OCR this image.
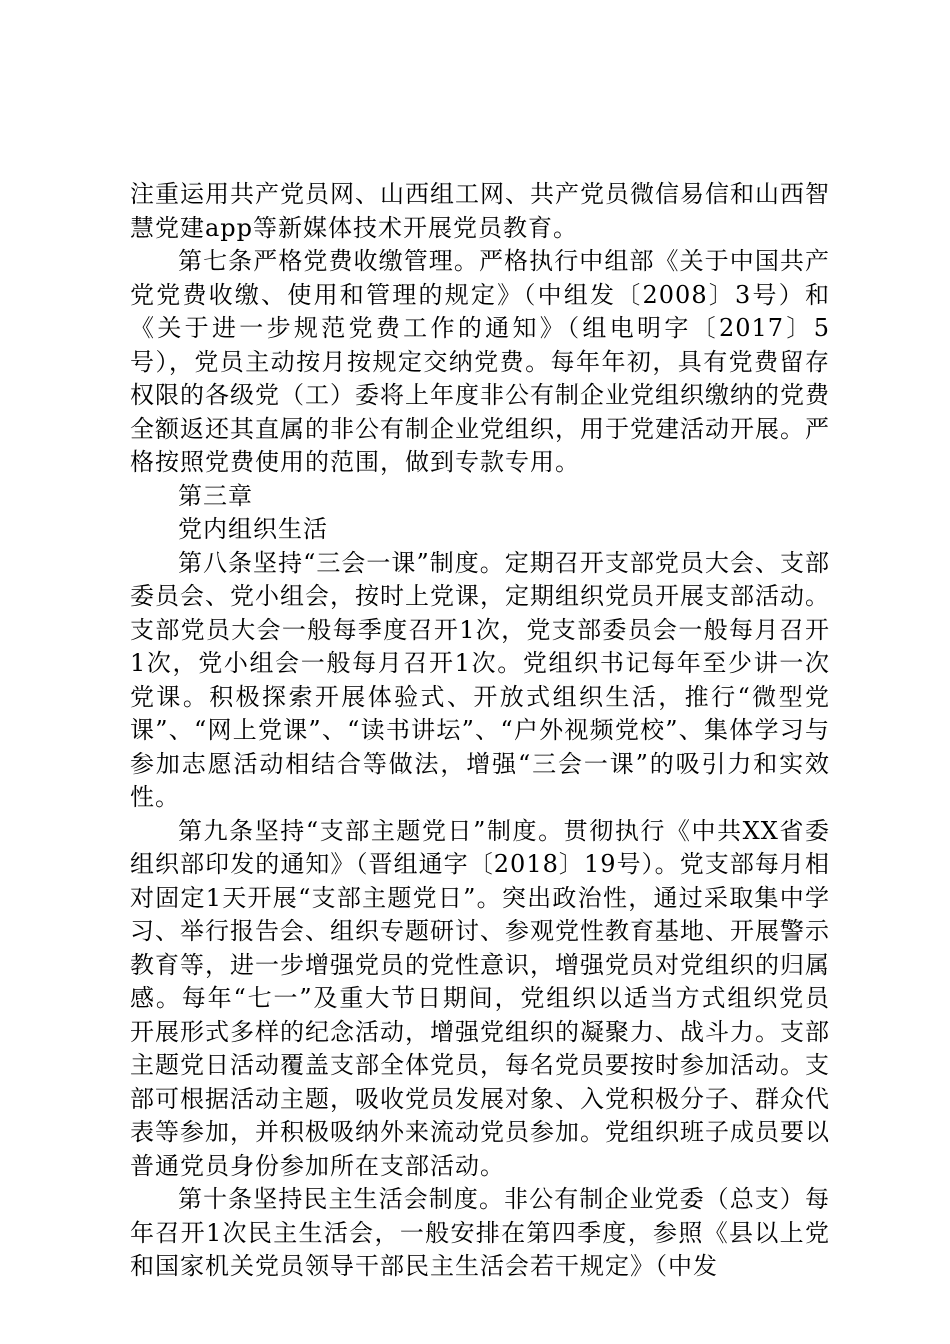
注重运用共产党员网、山西组工网、共产党员微信易信和山西智慧党建app等新媒体技术开展党员教育。

第七条严格党费收缴管理。严格执行中组部《关于中国共产党党费收缴、使用和管理的规定》（中组发〔2008〕3号）和《关于进一步规范党费工作的通知》（组电明字〔2017〕5号），党员主动按月按规定交纳党费。每年年初，具有党费留存权限的各级党（工）委将上年度非公有制企业党组织缴纳的党费全额返还其直属的非公有制企业党组织，用于党建活动开展。严格按照党费使用的范围，做到专款专用。

第三章

党内组织生活

第八条坚持“三会一课”制度。定期召开支部党员大会、支部委员会、党小组会，按时上党课，定期组织党员开展支部活动。支部党员大会一般每季度召开1次，党支部委员会一般每月召开1次，党小组会一般每月召开1次。党组织书记每年至少讲一次党课。积极探索开展体验式、开放式组织生活，推行“微型党课”、“网上党课”、“读书讲坛”、“户外视频党校”、集体学习与参加志愿活动相结合等做法，增强“三会一课”的吸引力和实效性。

第九条坚持“支部主题党日”制度。贯彻执行《中共XX省委组织部印发的通知》（晋组通字〔2018〕19号）。党支部每月相对固定1天开展“支部主题党日”。突出政治性，通过采取集中学习、举行报告会、组织专题研讨、参观党性教育基地、开展警示教育等，进一步增强党员的党性意识，增强党员对党组织的归属感。每年“七一”及重大节日期间，党组织以适当方式组织党员开展形式多样的纪念活动，增强党组织的凝聚力、战斗力。支部主题党日活动覆盖支部全体党员，每名党员要按时参加活动。支部可根据活动主题，吸收党员发展对象、入党积极分子、群众代表等参加，并积极吸纳外来流动党员参加。党组织班子成员要以普通党员身份参加所在支部活动。

第十条坚持民主生活会制度。非公有制企业党委（总支）每年召开1次民主生活会，一般安排在第四季度，参照《县以上党和国家机关党员领导干部民主生活会若干规定》（中发
